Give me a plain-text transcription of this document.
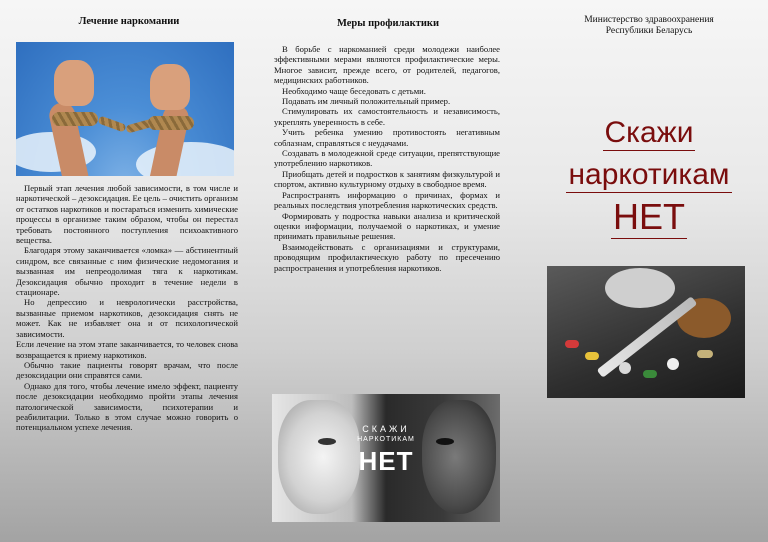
Лечение наркомании

Первый этап лечения любой зависимости, в том числе и наркотической – дезоксидация. Ее цель – очистить организм от остатков наркотиков и постараться изменить химические процессы в организме таким образом, чтобы он перестал требовать постоянного поступления психоактивного вещества.

Благодаря этому заканчивается «ломка» — абстинентный синдром, все связанные с ним физические недомогания и вызванная им непреодолимая тяга к наркотикам. Дезоксидация обычно проходит в течение недели в стационаре.

Но депрессию и неврологически расстройства, вызванные приемом наркотиков, дезоксидация снять не может. Как не избавляет она и от психологической зависимости.

Если лечение на этом этапе заканчивается, то человек снова возвращается к приему наркотиков.

Обычно такие пациенты говорят врачам, что после дезоксидации они справятся сами.

Однако для того, чтобы лечение имело эффект, пациенту после дезоксидации необходимо пройти этапы лечения патологической зависимости, психотерапии и реабилитации. Только в этом случае можно говорить о потенциальном успехе лечения.

Меры профилактики

В борьбе с наркоманией среди молодежи наиболее эффективными мерами являются профилактические меры. Многое зависит, прежде всего, от родителей, педагогов, медицинских работников.

Необходимо чаще беседовать с детьми.

Подавать им личный положительный пример.

Стимулировать их самостоятельность и независимость, укреплять уверенность в себе.

Учить ребенка умению противостоять негативным соблазнам, справляться с неудачами.

Создавать в молодежной среде ситуации, препятствующие употреблению наркотиков.

Приобщать детей и подростков к занятиям физкультурой и спортом, активно культурному отдыху в свободное время.

Распространять информацию о причинах, формах и реальных последствия употребления наркотических средств.

Формировать у подростка навыки анализа и критической оценки информации, получаемой о наркотиках, и умение принимать правильные решения.

Взаимодействовать с организациями и структурами, проводящим профилактическую работу по пресечению распространения и употребления наркотиков.

СКАЖИ
НАРКОТИКАМ
НЕТ
Министерство здравоохранения
Республики Беларусь
Скажи
наркотикам
НЕТ
